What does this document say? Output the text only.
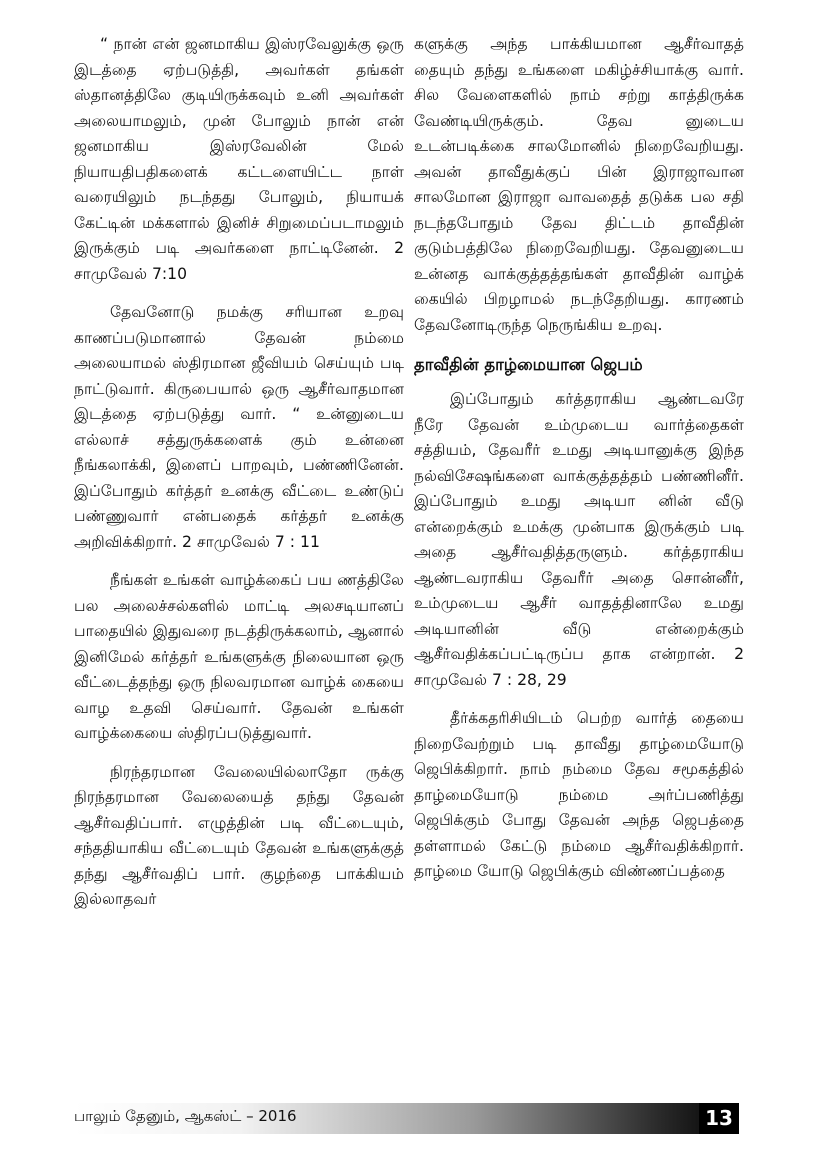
“ நான் என் ஜனமாகிய இஸ்ரவேலுக்கு ஒரு இடத்தை ஏற்படுத்தி, அவர்கள் தங்கள் ஸ்தானத்திலே குடியிருக்கவும் உனி அவர்கள் அலையாமலும், முன் போலும் நான் என் ஜனமாகிய இஸ்ரவேலின் மேல் நியாயதிபதிகளைக் கட்டளையிட்ட நாள் வரையிலும் நடந்தது போலும், நியாயக் கேட்டின் மக்களால் இனிச் சிறுமைப்படாமலும் இருக்கும் படி அவர்களை நாட்டினேன். 2 சாமுவேல் 7:10

தேவனோடு நமக்கு சரியான உறவு காணப்படுமானால் தேவன் நம்மை அலையாமல் ஸ்திரமான ஜீவியம் செய்யும் படி நாட்டுவார். கிருபையால் ஒரு ஆசீர்வாதமான இடத்தை ஏற்படுத்து வார். “ உன்னுடைய எல்லாச் சத்துருக்களைக் கும் உன்னை நீங்கலாக்கி, இளைப் பாறவும், பண்ணினேன். இப்போதும் கர்த்தர் உனக்கு வீட்டை உண்டுப் பண்ணுவார் என்பதைக் கர்த்தர் உனக்கு அறிவிக்கிறார். 2 சாமுவேல் 7 : 11

நீங்கள் உங்கள் வாழ்க்கைப் பய ணத்திலே பல அலைச்சல்களில் மாட்டி அலசடியானப் பாதையில் இதுவரை நடத்திருக்கலாம், ஆனால் இனிமேல் கர்த்தர் உங்களுக்கு நிலையான ஒரு வீட்டைத்தந்து ஒரு நிலவரமான வாழ்க் கையை வாழ உதவி செய்வார். தேவன் உங்கள் வாழ்க்கையை ஸ்திரப்படுத்துவார்.

நிரந்தரமான வேலையில்லாதோ ருக்கு நிரந்தரமான வேலையைத் தந்து தேவன் ஆசீர்வதிப்பார். எழுத்தின் படி வீட்டையும், சந்ததியாகிய வீட்டையும் தேவன் உங்களுக்குத் தந்து ஆசீர்வதிப் பார். குழந்தை பாக்கியம் இல்லாதவர்

களுக்கு அந்த பாக்கியமான ஆசீர்வாதத் தையும் தந்து உங்களை மகிழ்ச்சியாக்கு வார். சில வேளைகளில் நாம் சற்று காத்திருக்க வேண்டியிருக்கும். தேவ னுடைய உடன்படிக்கை சாலமோனில் நிறைவேறியது. அவன் தாவீதுக்குப் பின் இராஜாவான சாலமோன இராஜா வாவதைத் தடுக்க பல சதி நடந்தபோதும் தேவ திட்டம் தாவீதின் குடும்பத்திலே நிறைவேறியது. தேவனுடைய உன்னத வாக்குத்தத்தங்கள் தாவீதின் வாழ்க் கையில் பிறழாமல் நடந்தேறியது. காரணம் தேவனோடிருந்த நெருங்கிய உறவு.

தாவீதின் தாழ்மையான ஜெபம்

இப்போதும் கர்த்தராகிய ஆண்டவரே நீரே தேவன் உம்முடைய வார்த்தைகள் சத்தியம், தேவரீர் உமது அடியானுக்கு இந்த நல்விசேஷங்களை வாக்குத்தத்தம் பண்ணினீர். இப்போதும் உமது அடியா னின் வீடு என்றைக்கும் உமக்கு முன்பாக இருக்கும் படி அதை ஆசீர்வதித்தருளும். கர்த்தராகிய ஆண்டவராகிய தேவரீர் அதை சொன்னீர், உம்முடைய ஆசீர் வாதத்தினாலே உமது அடியானின் வீடு என்றைக்கும் ஆசீர்வதிக்கப்பட்டிருப்ப தாக என்றான். 2 சாமுவேல் 7 : 28, 29

தீர்க்கதரிசியிடம் பெற்ற வார்த் தையை நிறைவேற்றும் படி தாவீது தாழ்மையோடு ஜெபிக்கிறார். நாம் நம்மை தேவ சமூகத்தில் தாழ்மையோடு நம்மை அர்ப்பணித்து ஜெபிக்கும் போது தேவன் அந்த ஜெபத்தை தள்ளாமல் கேட்டு நம்மை ஆசீர்வதிக்கிறார். தாழ்மை யோடு ஜெபிக்கும் விண்ணப்பத்தை

பாலும் தேனும், ஆகஸ்ட் – 2016	13
